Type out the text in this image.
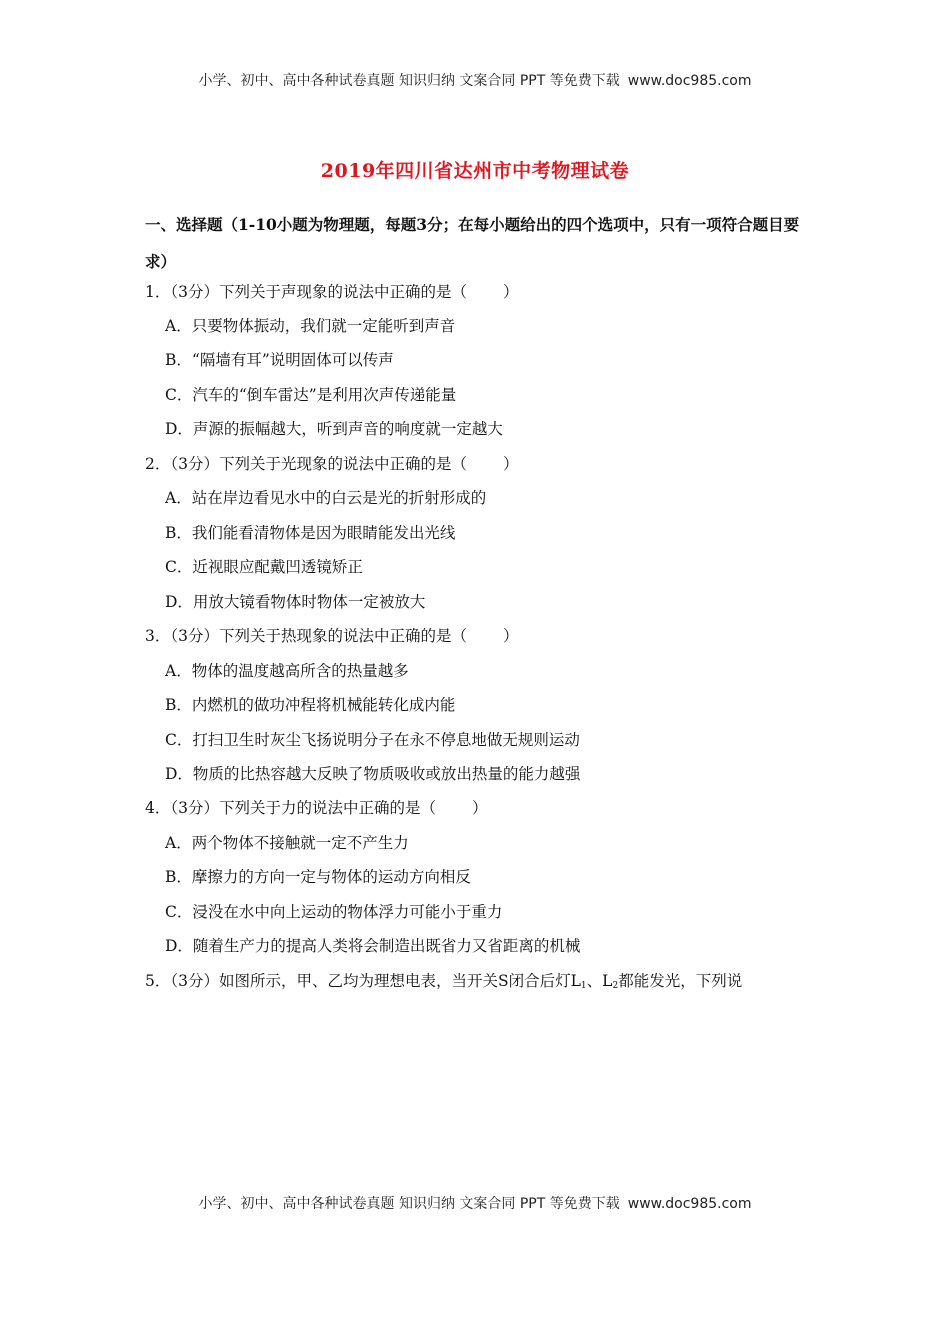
小学、初中、高中各种试卷真题 知识归纳 文案合同 PPT 等免费下载 www.doc985.com
2019年四川省达州市中考物理试卷
一、选择题（1-10小题为物理题，每题3分；在每小题给出的四个选项中，只有一项符合题目要求）
1．（3分）下列关于声现象的说法中正确的是（ ）
A．只要物体振动，我们就一定能听到声音
B．“隔墙有耳”说明固体可以传声
C．汽车的“倒车雷达”是利用次声传递能量
D．声源的振幅越大，听到声音的响度就一定越大
2．（3分）下列关于光现象的说法中正确的是（ ）
A．站在岸边看见水中的白云是光的折射形成的
B．我们能看清物体是因为眼睛能发出光线
C．近视眼应配戴凹透镜矫正
D．用放大镜看物体时物体一定被放大
3．（3分）下列关于热现象的说法中正确的是（ ）
A．物体的温度越高所含的热量越多
B．内燃机的做功冲程将机械能转化成内能
C．打扫卫生时灰尘飞扬说明分子在永不停息地做无规则运动
D．物质的比热容越大反映了物质吸收或放出热量的能力越强
4．（3分）下列关于力的说法中正确的是（ ）
A．两个物体不接触就一定不产生力
B．摩擦力的方向一定与物体的运动方向相反
C．浸没在水中向上运动的物体浮力可能小于重力
D．随着生产力的提高人类将会制造出既省力又省距离的机械
5．（3分）如图所示，甲、乙均为理想电表，当开关S闭合后灯$L_1$、$L_2$都能发光，下列说
小学、初中、高中各种试卷真题 知识归纳 文案合同 PPT 等免费下载 www.doc985.com
